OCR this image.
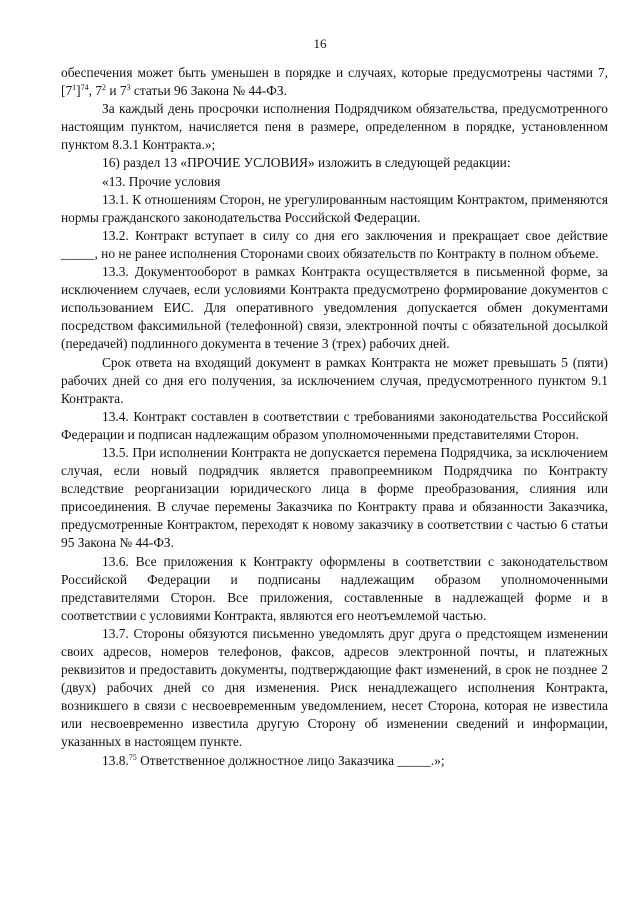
16

обеспечения может быть уменьшен в порядке и случаях, которые предусмотрены частями 7, $[7^1]^{74}$, $7^2$ и $7^3$ статьи 96 Закона № 44-ФЗ.

За каждый день просрочки исполнения Подрядчиком обязательства, предусмотренного настоящим пунктом, начисляется пеня в размере, определенном в порядке, установленном пунктом 8.3.1 Контракта.»;

16) раздел 13 «ПРОЧИЕ УСЛОВИЯ» изложить в следующей редакции:

«13. Прочие условия

13.1. К отношениям Сторон, не урегулированным настоящим Контрактом, применяются нормы гражданского законодательства Российской Федерации.

13.2. Контракт вступает в силу со дня его заключения и прекращает свое действие _____, но не ранее исполнения Сторонами своих обязательств по Контракту в полном объеме.

13.3. Документооборот в рамках Контракта осуществляется в письменной форме, за исключением случаев, если условиями Контракта предусмотрено формирование документов с использованием ЕИС. Для оперативного уведомления допускается обмен документами посредством факсимильной (телефонной) связи, электронной почты с обязательной досылкой (передачей) подлинного документа в течение 3 (трех) рабочих дней.

Срок ответа на входящий документ в рамках Контракта не может превышать 5 (пяти) рабочих дней со дня его получения, за исключением случая, предусмотренного пунктом 9.1 Контракта.

13.4. Контракт составлен в соответствии с требованиями законодательства Российской Федерации и подписан надлежащим образом уполномоченными представителями Сторон.

13.5. При исполнении Контракта не допускается перемена Подрядчика, за исключением случая, если новый подрядчик является правопреемником Подрядчика по Контракту вследствие реорганизации юридического лица в форме преобразования, слияния или присоединения. В случае перемены Заказчика по Контракту права и обязанности Заказчика, предусмотренные Контрактом, переходят к новому заказчику в соответствии с частью 6 статьи 95 Закона № 44-ФЗ.

13.6. Все приложения к Контракту оформлены в соответствии с законодательством Российской Федерации и подписаны надлежащим образом уполномоченными представителями Сторон. Все приложения, составленные в надлежащей форме и в соответствии с условиями Контракта, являются его неотъемлемой частью.

13.7. Стороны обязуются письменно уведомлять друг друга о предстоящем изменении своих адресов, номеров телефонов, факсов, адресов электронной почты, и платежных реквизитов и предоставить документы, подтверждающие факт изменений, в срок не позднее 2 (двух) рабочих дней со дня изменения. Риск ненадлежащего исполнения Контракта, возникшего в связи с несвоевременным уведомлением, несет Сторона, которая не известила или несвоевременно известила другую Сторону об изменении сведений и информации, указанных в настоящем пункте.

13.8.75 Ответственное должностное лицо Заказчика _____.»;
